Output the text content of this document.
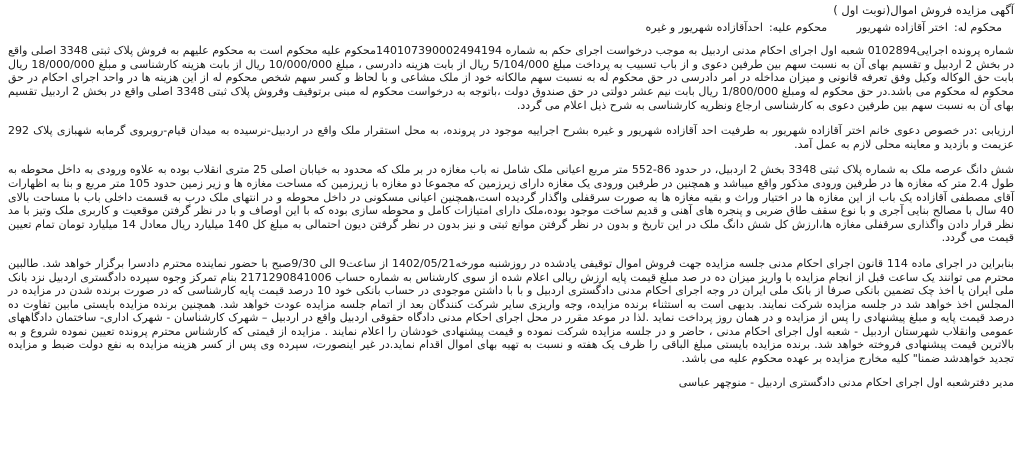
آگهی مزایده فروش اموال(نوبت اول )
محکوم له:اختر آقازاده شهریور محکوم علیه:احدآقازاده شهریور و غیره

شماره پرونده اجرایی0102894 شعبه اول اجرای احکام مدنی اردبیل به موجب درخواست اجرای حکم به شماره 140107390002494194محکوم علیه محکوم است به محکوم علیهم به فروش پلاک ثبتی 3348 اصلی واقع در بخش 2 اردبیل و تقسیم بهای آن به نسبت سهم بین طرفین دعوی و از باب تسبیب به پرداخت مبلغ 5/104/000 ریال از بابت هزینه دادرسی ، مبلغ 10/000/000 ریال از بابت هزینه کارشناسی و مبلغ 18/000/000 ریال بابت حق الوکاله وکیل وفق تعرفه قانونی و میزان مداخله در امر دادرسی در حق محکوم له به نسبت سهم مالکانه خود از ملک مشاعی و با لحاظ و کسر سهم شخص محکوم له از این هزینه ها در واحد اجرای احکام در حق محکوم له محکوم می باشد.در حق محکوم له ومبلغ 1/800/000 ریال بابت نیم عشر دولتی در حق صندوق دولت ،باتوجه به درخواست محکوم له مبنی برتوقیف وفروش پلاک ثبتی 3348 اصلی واقع در بخش 2 اردبیل تقسیم بهای آن به نسبت سهم بین طرفین دعوی به کارشناسی ارجاع ونظریه کارشناسی به شرح ذیل اعلام می گردد.

ارزیابی :در خصوص دعوی خانم اختر آقازاده شهریور به طرفیت احد آقازاده شهریور و غیره بشرح اجراییه موجود در پرونده، به محل استقرار ملک واقع در اردبیل-نرسیده به میدان قیام-روبروی گرمابه شهبازی پلاک 292 عزیمت و بازدید و معاینه محلی لازم به عمل آمد.

شش دانگ عرصه ملک به شماره پلاک ثبتی 3348 بخش 2 اردبیل، در حدود 86-552 متر مربع اعیانی ملک شامل نه باب مغازه در بر ملک که محدود به خیابان اصلی 25 متری انقلاب بوده به علاوه ورودی به داخل محوطه به طول 2.4 متر که مغازه ها در طرفین ورودی مذکور واقع میباشد و همچنین در طرفین ورودی یک مغازه دارای زیرزمین که مجموعا دو مغازه با زیرزمین که مساحت مغازه ها و زیر زمین حدود 105 متر مربع و بنا به اظهارات آقای مصطفی آقازاده یک باب از این مغازه ها در اختیار وراث و بقیه مغازه ها به صورت سرقفلی واگذار گردیده است،همچنین اعیانی مسکونی در داخل محوطه و در انتهای ملک درب به قسمت داخلی باب با مساحت بالای 40 سال با مصالح بنایی آجری و با نوع سقف طاق ضربی و پنجره های آهنی و قدیم ساخت موجود بوده،ملک دارای امتیازات کامل و محوطه سازی بوده که با این اوصاف و با در نظر گرفتن موقعیت و کاربری ملک وتیز با مد نظر قرار دادن واگذاری سرقفلی مغازه ها،ارزش کل شش دانگ ملک در این تاریخ و بدون در نظر گرفتن موانع ثبتی و نیز بدون در نظر گرفتن دیون احتمالی به مبلغ کل 140 میلیارد ریال معادل 14 میلیارد تومان تمام تعیین قیمت می گردد.

بنابراین در اجرای ماده 114 قانون اجرای احکام مدنی جلسه مزایده جهت فروش اموال توقیفی یادشده در روزشنبه مورخه1402/05/21 از ساعت9 الی 9/30صبح با حضور نماینده محترم دادسرا برگزار خواهد شد. طالبین محترم می توانند یک ساعت قبل از انجام مزایده با واریز میزان ده در صد مبلغ قیمت پایه ارزش ریالی اعلام شده از سوی کارشناس به شماره حساب 2171290841006 بنام تمرکز وجوه سپرده دادگستری اردبیل نزد بانک ملی ایران یا اخذ چک تضمین بانکی صرفا از بانک ملی ایران در وجه اجرای احکام مدنی دادگستری اردبیل و با با داشتن موجودی در حساب بانکی خود 10 درصد قیمت پایه کارشناسی که در صورت برنده شدن در مزایده در المجلس اخذ خواهد شد در جلسه مزایده شرکت نمایند. بدیهی است به استثناء برنده مزایده، وجه واریزی سایر شرکت کنندگان بعد از اتمام جلسه مزایده عودت خواهد شد. همچنین برنده مزایده بایستی مابین تفاوت ده درصد قیمت پایه و مبلغ پیشنهادی را پس از مزایده و در همان روز پرداخت نماید .لذا در موعد مقرر در محل اجرای احکام مدنی دادگاه حقوقی اردبیل واقع در اردبیل – شهرک کارشناسان - شهرک اداری- ساختمان دادگاههای عمومی وانقلاب شهرستان اردبیل - شعبه اول اجرای احکام مدنی ، حاضر و در جلسه مزایده شرکت نموده و قیمت پیشنهادی خودشان را اعلام نمایند . مزایده از قیمتی که کارشناس محترم پرونده تعیین نموده شروع و به بالاترین قیمت پیشنهادی فروخته خواهد شد. برنده مزایده بایستی مبلغ الباقی را ظرف یک هفته و نسبت به تهیه بهای اموال اقدام نماید.در غیر اینصورت، سپرده وی پس از کسر هزینه مزایده به نفع دولت ضبط و مزایده تجدید خواهدشد ضمنا" کلیه مخارج مزایده بر عهده محکوم علیه می باشد.

مدیر دفترشعبه اول اجرای احکام مدنی دادگستری اردبیل - منوچهر عباسی
